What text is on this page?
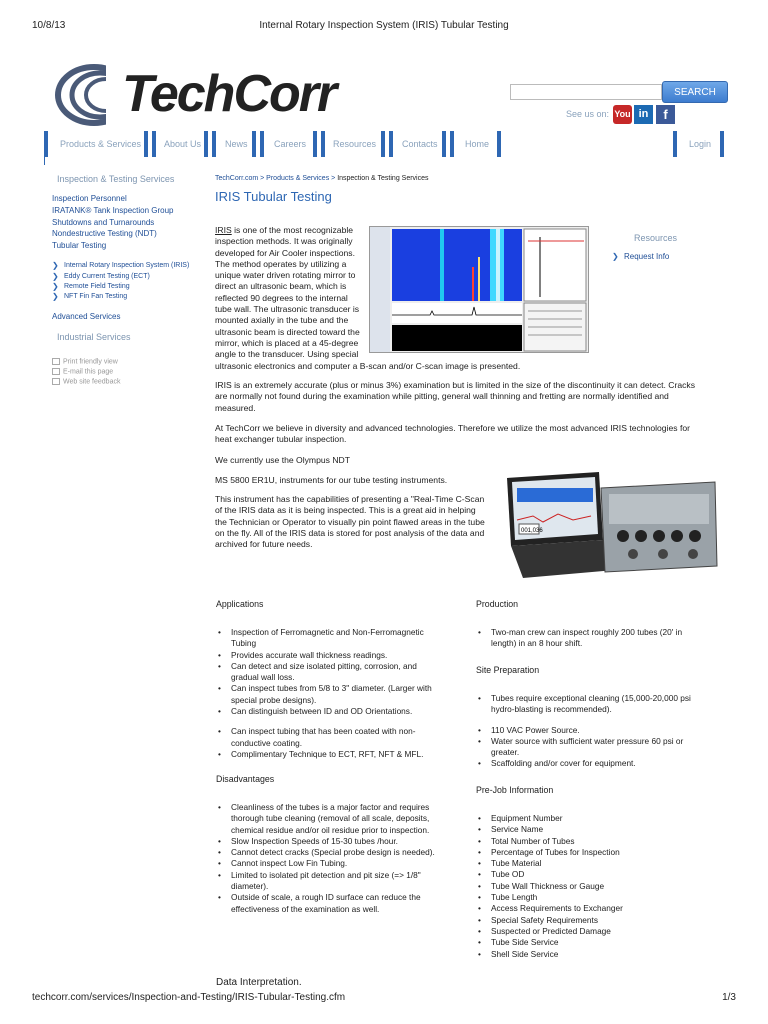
10/8/13	Internal Rotary Inspection System (IRIS) Tubular Testing
TechCorr	SEARCH
See us on: You in	f
Products & Services	About Us	News	Careers	Resources	Contacts	Home	Login
Inspection & Testing Services
Inspection Personnel
IRATANK® Tank Inspection Group
Shutdowns and Turnarounds
Nondestructive Testing (NDT)
Tubular Testing
❯ Internal Rotary Inspection System (IRIS)
❯ Eddy Current Testing (ECT)
❯ Remote Field Testing
❯ NFT Fin Fan Testing
Advanced Services
Industrial Services
Print friendly view
E-mail this page
Web site feedback
TechCorr.com > Products & Services > Inspection & Testing Services
IRIS Tubular Testing
IRIS is one of the most recognizable
inspection methods. It was originally
developed for Air Cooler inspections.
The method operates by utilizing a
unique water driven rotating mirror to
direct an ultrasonic beam, which is
reflected 90 degrees to the internal
tube wall. The ultrasonic transducer is
mounted axially in the tube and the
ultrasonic beam is directed toward the
mirror, which is placed at a 45-degree
angle to the transducer. Using special
ultrasonic electronics and computer a B-scan and/or C-scan image is presented.
Resources
❯ Request Info
IRIS is an extremely accurate (plus or minus 3%) examination but is limited in the size of the discontinuity it can detect. Cracks
are normally not found during the examination while pitting, general wall thinning and fretting are normally identified and
measured.
At TechCorr we believe in diversity and advanced technologies. Therefore we utilize the most advanced IRIS technologies for
heat exchanger tubular inspection.
We currently use the Olympus NDT
MS 5800 ER1U, instruments for our tube testing instruments.
This instrument has the capabilities of presenting a "Real-Time C-Scan
of the IRIS data as it is being inspected. This is a great aid in helping
the Technician or Operator to visually pin point flawed areas in the tube
on the fly. All of the IRIS data is stored for post analysis of the data and
archived for future needs.
001,036
Applications
• Inspection of Ferromagnetic and Non-Ferromagnetic
Tubing
• Provides accurate wall thickness readings.
• Can detect and size isolated pitting, corrosion, and
gradual wall loss.
• Can inspect tubes from 5/8 to 3" diameter. (Larger with
special probe designs).
• Can distinguish between ID and OD Orientations.
• Can inspect tubing that has been coated with non-
conductive coating.
• Complimentary Technique to ECT, RFT, NFT & MFL.
Disadvantages
• Cleanliness of the tubes is a major factor and requires
thorough tube cleaning (removal of all scale, deposits,
chemical residue and/or oil residue prior to inspection.
• Slow Inspection Speeds of 15-30 tubes /hour.
• Cannot detect cracks (Special probe design is needed).
• Cannot inspect Low Fin Tubing.
• Limited to isolated pit detection and pit size (=> 1/8"
diameter).
• Outside of scale, a rough ID surface can reduce the
effectiveness of the examination as well.
Data Interpretation.
Production
• Two-man crew can inspect roughly 200 tubes (20' in
length) in an 8 hour shift.
Site Preparation
• Tubes require exceptional cleaning (15,000-20,000 psi
hydro-blasting is recommended).
• 110 VAC Power Source.
• Water source with sufficient water pressure 60 psi or
greater.
• Scaffolding and/or cover for equipment.
Pre-Job Information
• Equipment Number
• Service Name
• Total Number of Tubes
• Percentage of Tubes for Inspection
• Tube Material
• Tube OD
• Tube Wall Thickness or Gauge
• Tube Length
• Access Requirements to Exchanger
• Special Safety Requirements
• Suspected or Predicted Damage
• Tube Side Service
• Shell Side Service
techcorr.com/services/Inspection-and-Testing/IRIS-Tubular-Testing.cfm	1/3
